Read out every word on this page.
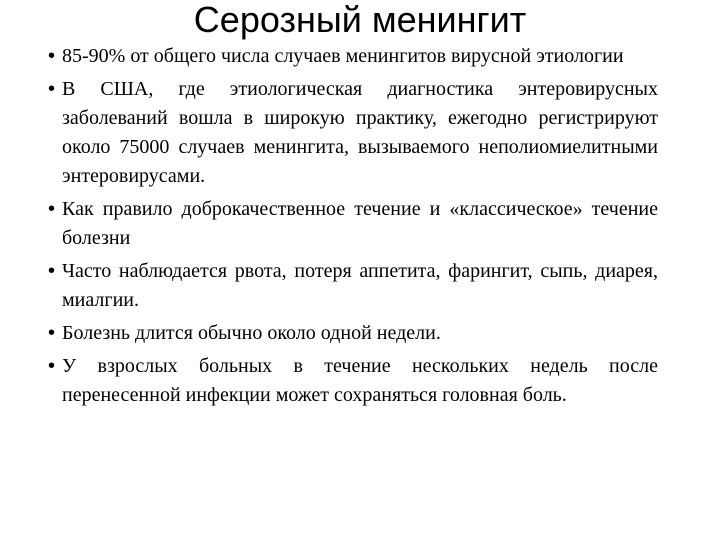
Серозный менингит
• 85-90% от общего числа случаев менингитов вирусной этиологии
• В США, где этиологическая диагностика энтеровирусных заболеваний вошла в широкую практику, ежегодно регистрируют около 75000 случаев менингита, вызываемого неполиомиелитными энтеровирусами.
• Как правило доброкачественное течение и «классическое» течение болезни
• Часто наблюдается рвота, потеря аппетита, фарингит, сыпь, диарея, миалгии.
• Болезнь длится обычно около одной недели.
• У взрослых больных в течение нескольких недель после перенесенной инфекции может сохраняться головная боль.
